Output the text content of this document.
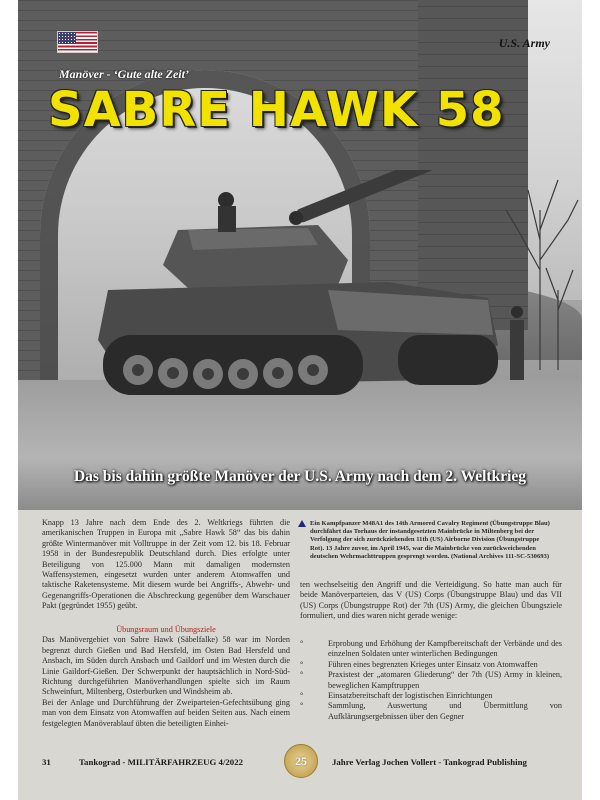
U.S. Army
Manöver - ‘Gute alte Zeit’
SABRE HAWK 58
Das bis dahin größte Manöver der U.S. Army nach dem 2. Weltkrieg
Knapp 13 Jahre nach dem Ende des 2. Weltkriegs führten die amerikanischen Truppen in Europa mit „Sabre Hawk 58“ das bis dahin größte Wintermanöver mit Volltruppe in der Zeit vom 12. bis 18. Februar 1958 in der Bundesrepublik Deutschland durch. Dies erfolgte unter Beteiligung von 125.000 Mann mit damaligen modernsten Waffensystemen, eingesetzt wurden unter anderem Atomwaffen und taktische Raketensysteme. Mit diesem wurde bei Angriffs-, Abwehr- und Gegenangriffs-Operationen die Abschreckung gegenüber dem Warschauer Pakt (gegründet 1955) geübt.
Ein Kampfpanzer M48A1 des 14th Armored Cavalry Regiment (Übungstruppe Blau) durchfährt das Torhaus der instandgesetzten Mainbrücke in Miltenberg bei der Verfolgung der sich zurückziehenden 11th (US) Airborne Division (Übungstruppe Rot). 13 Jahre zuvor, im April 1945, war die Mainbrücke von zurückweichenden deutschen Wehrmachttruppen gesprengt worden. (National Archives 111-SC-530693)
ten wechselseitig den Angriff und die Verteidigung. So hatte man auch für beide Manöverparteien, das V (US) Corps (Übungstruppe Blau) und das VII (US) Corps (Übungstruppe Rot) der 7th (US) Army, die gleichen Übungsziele formuliert, und dies waren nicht gerade wenige:
Übungsraum und Übungsziele

Das Manövergebiet von Sabre Hawk (Säbelfalke) 58 war im Norden begrenzt durch Gießen und Bad Hersfeld, im Osten Bad Hersfeld und Ansbach, im Süden durch Ansbach und Gaildorf und im Westen durch die Linie Gaildorf-Gießen. Der Schwerpunkt der hauptsächlich in Nord-Süd-Richtung durchgeführten Manöverhandlungen spielte sich im Raum Schweinfurt, Miltenberg, Osterburken und Windsheim ab.

Bei der Anlage und Durchführung der Zweiparteien-Gefechtsübung ging man von dem Einsatz von Atomwaffen auf beiden Seiten aus. Nach einem festgelegten Manöverablauf übten die beteiligten Einhei-

°	Erprobung und Erhöhung der Kampfbereitschaft der Verbände und des einzelnen Soldaten unter winterlichen Bedingungen
°	Führen eines begrenzten Krieges unter Einsatz von Atomwaffen
°	Praxistest der „atomaren Gliederung“ der 7th (US) Army in kleinen, beweglichen Kampftruppen
°	Einsatzbereitschaft der logistischen Einrichtungen
°	Sammlung, Auswertung und Übermittlung von Aufklärungsergebnissen über den Gegner
31	Tankograd - MILITÄRFAHRZEUG 4/2022	Jahre Verlag Jochen Vollert - Tankograd Publishing
25
